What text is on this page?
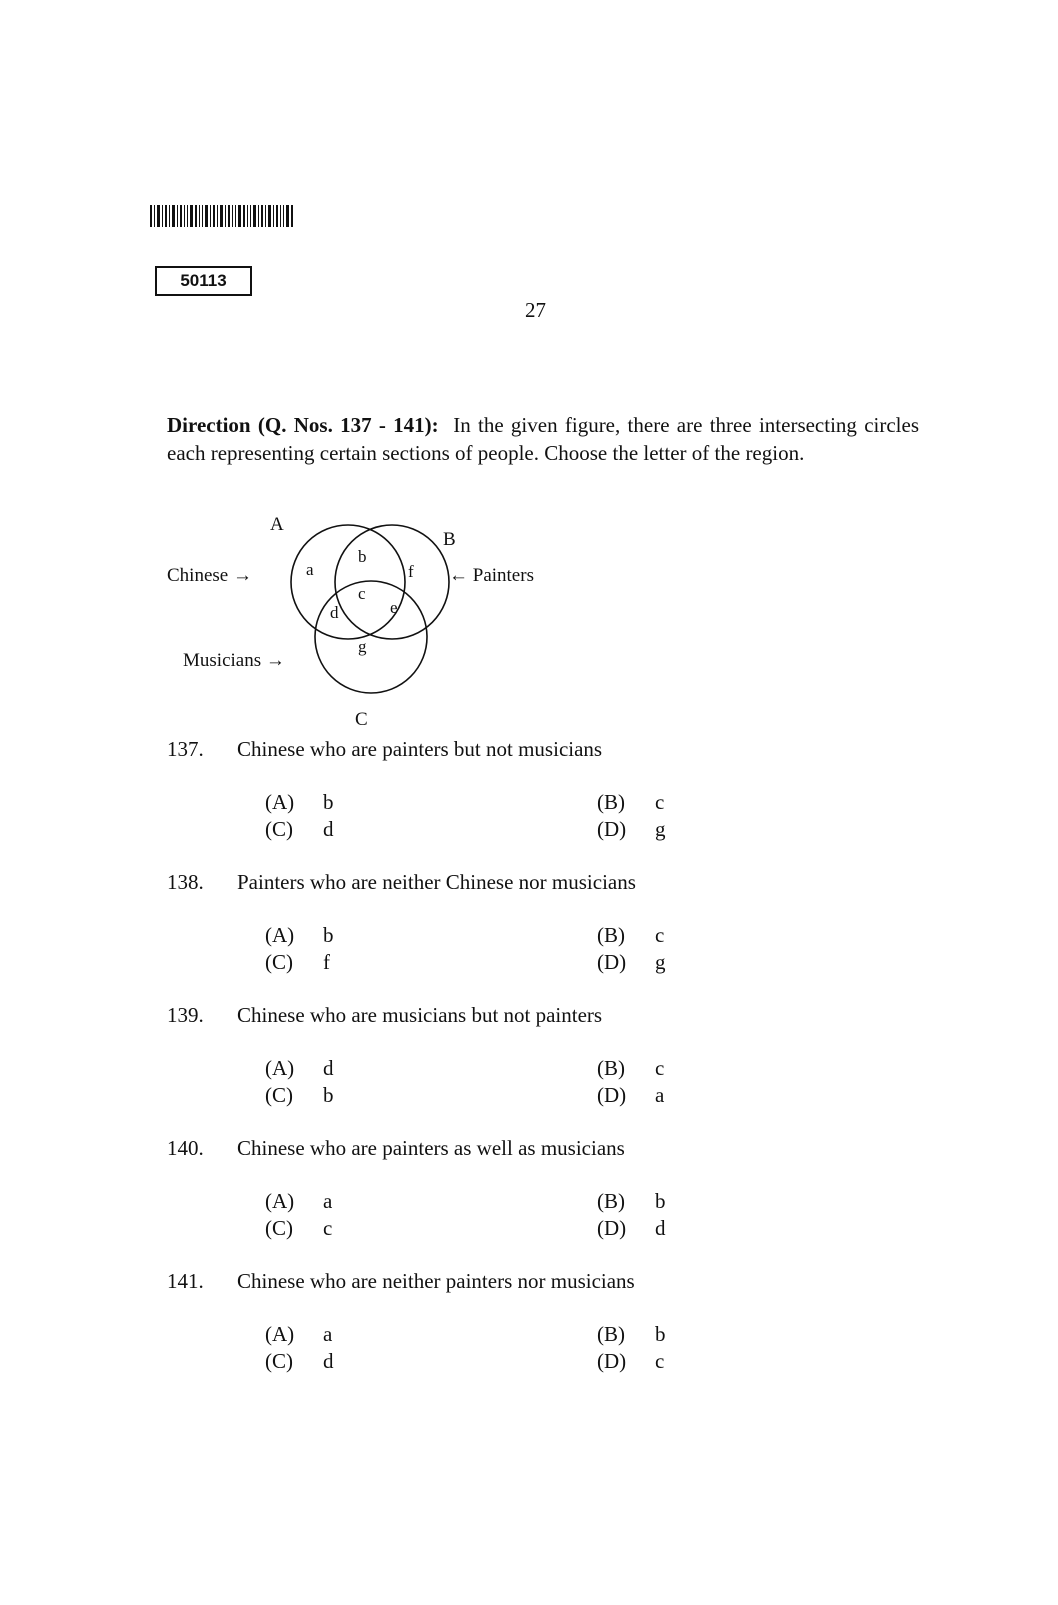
50113
27

Direction (Q. Nos. 137 - 141): In the given figure, there are three intersecting circles each representing certain sections of people. Choose the letter of the region.

A
B
C
Chinese →	← Painters
Musicians →
a
b
f
c
d	e
g
137. Chinese who are painters but not musicians
(A) b	(B) c
(C) d	(D) g
138. Painters who are neither Chinese nor musicians
(A) b	(B) c
(C) f	(D) g
139. Chinese who are musicians but not painters
(A) d	(B) c
(C) b	(D) a
140. Chinese who are painters as well as musicians
(A) a	(B) b
(C) c	(D) d
141. Chinese who are neither painters nor musicians
(A) a	(B) b
(C) d	(D) c
